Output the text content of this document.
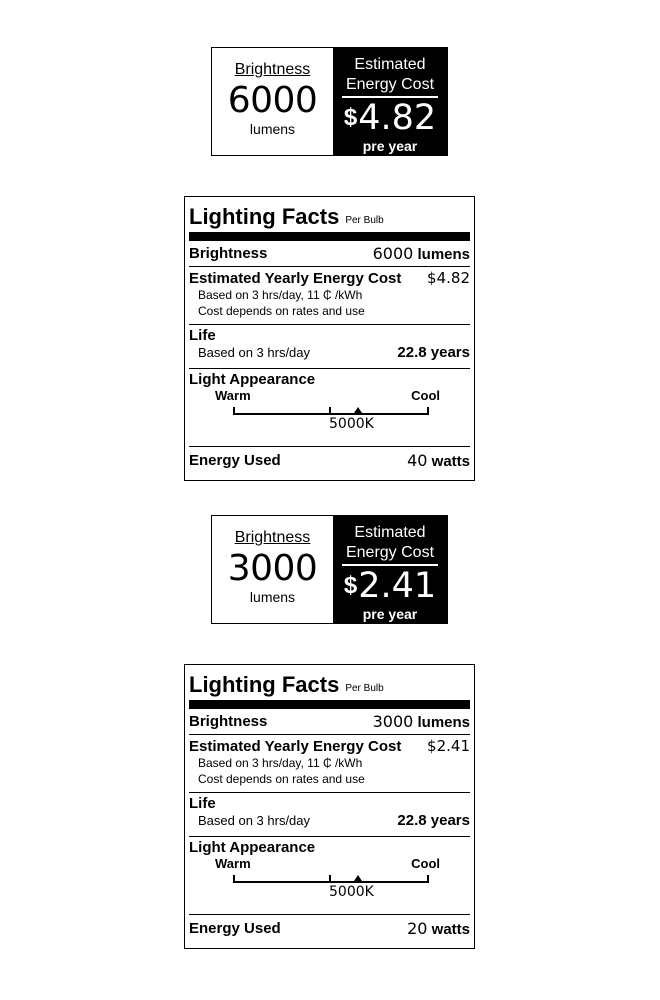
Brightness
6000
lumens
Estimated
Energy Cost
$ 4.82
pre year
Lighting Facts Per Bulb
Brightness	6000 lumens
Estimated Yearly Energy Cost $4.82
Based on 3 hrs/day, 11 ₵ /kWh
Cost depends on rates and use
Life
Based on 3 hrs/day	22.8 years
Light Appearance
Warm	Cool
5000K
Energy Used	40 watts
Brightness
3000
lumens
Estimated
Energy Cost
$ 2.41
pre year
Lighting Facts Per Bulb
Brightness	3000 lumens
Estimated Yearly Energy Cost $2.41
Based on 3 hrs/day, 11 ₵ /kWh
Cost depends on rates and use
Life
Based on 3 hrs/day	22.8 years
Light Appearance
Warm	Cool
5000K
Energy Used	20 watts
